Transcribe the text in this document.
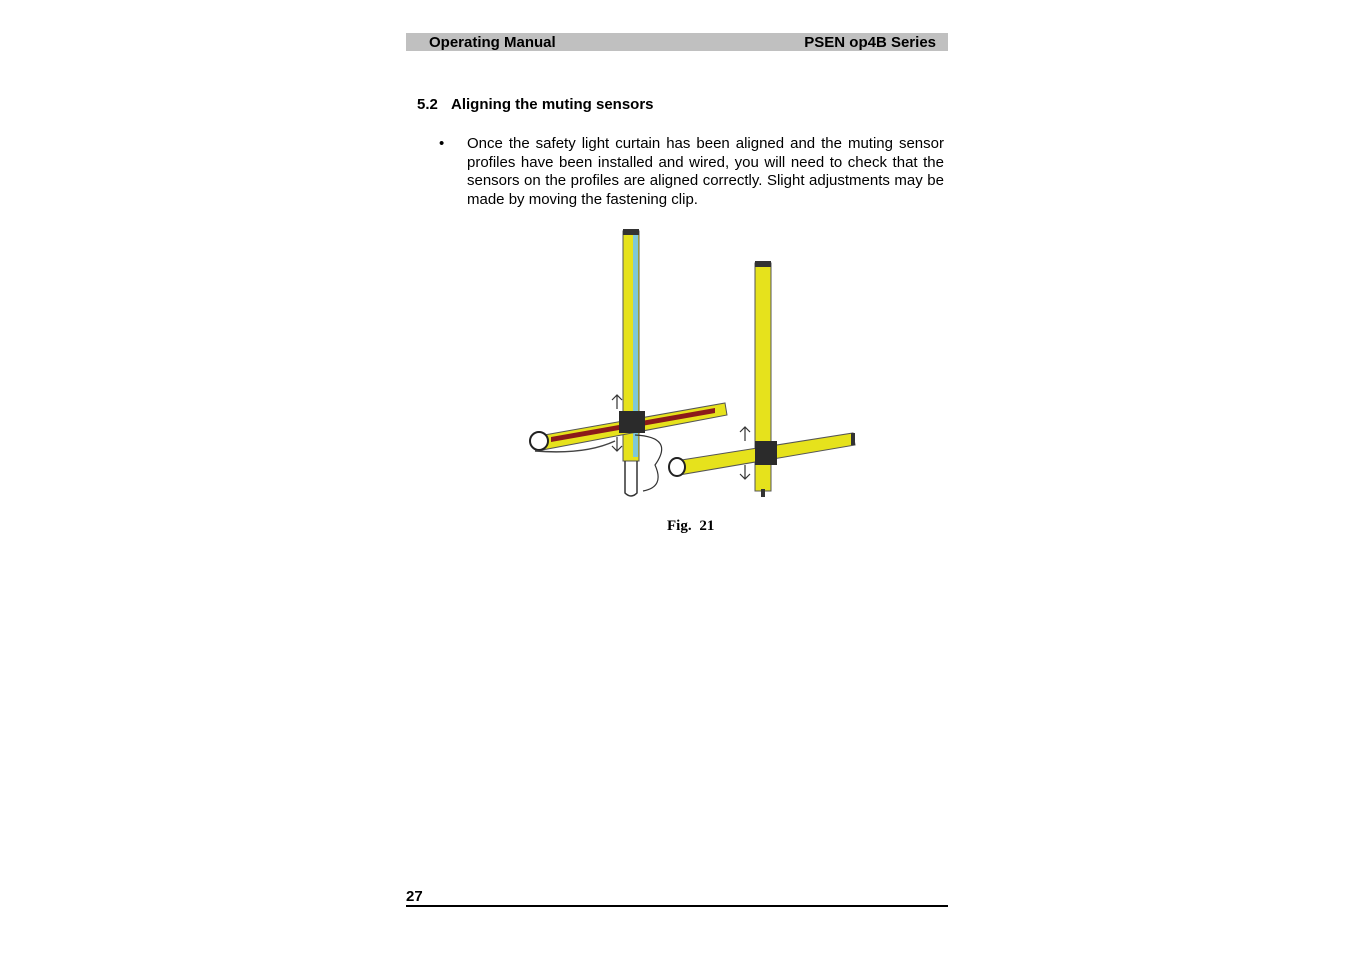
Operating Manual	PSEN op4B Series
5.2 Aligning the muting sensors
• Once the safety light curtain has been aligned and the muting sensor profiles have been installed and wired, you will need to check that the sensors on the profiles are aligned correctly. Slight adjustments may be made by moving the fastening clip.
Fig. 21
27
